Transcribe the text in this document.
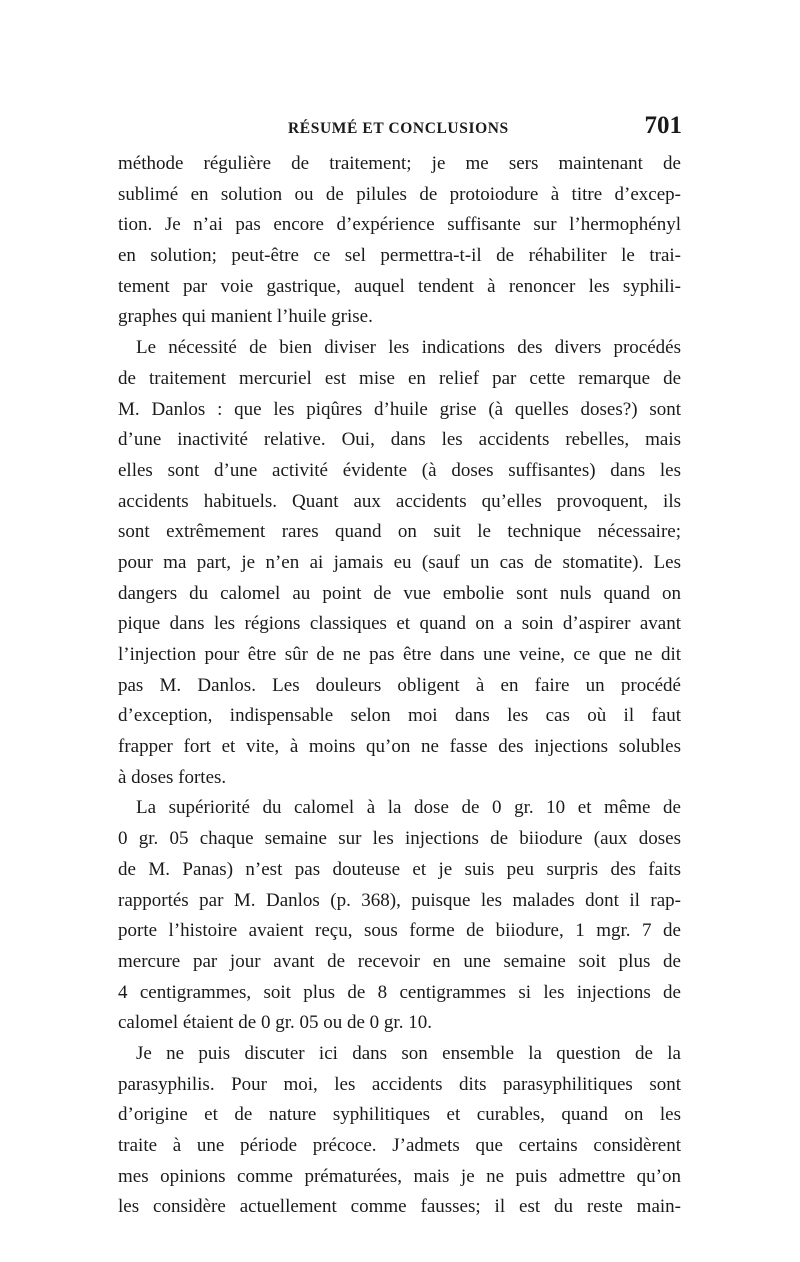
RÉSUMÉ ET CONCLUSIONS	701
méthode régulière de traitement; je me sers maintenant de
sublimé en solution ou de pilules de protoiodure à titre d’excep-
tion. Je n’ai pas encore d’expérience suffisante sur l’hermophényl
en solution; peut-être ce sel permettra-t-il de réhabiliter le trai-
tement par voie gastrique, auquel tendent à renoncer les syphili-
graphes qui manient l’huile grise.
Le nécessité de bien diviser les indications des divers procédés
de traitement mercuriel est mise en relief par cette remarque de
M. Danlos : que les piqûres d’huile grise (à quelles doses?) sont
d’une inactivité relative. Oui, dans les accidents rebelles, mais
elles sont d’une activité évidente (à doses suffisantes) dans les
accidents habituels. Quant aux accidents qu’elles provoquent, ils
sont extrêmement rares quand on suit le technique nécessaire;
pour ma part, je n’en ai jamais eu (sauf un cas de stomatite). Les
dangers du calomel au point de vue embolie sont nuls quand on
pique dans les régions classiques et quand on a soin d’aspirer avant
l’injection pour être sûr de ne pas être dans une veine, ce que ne dit
pas M. Danlos. Les douleurs obligent à en faire un procédé
d’exception, indispensable selon moi dans les cas où il faut
frapper fort et vite, à moins qu’on ne fasse des injections solubles
à doses fortes.
La supériorité du calomel à la dose de 0 gr. 10 et même de
0 gr. 05 chaque semaine sur les injections de biiodure (aux doses
de M. Panas) n’est pas douteuse et je suis peu surpris des faits
rapportés par M. Danlos (p. 368), puisque les malades dont il rap-
porte l’histoire avaient reçu, sous forme de biiodure, 1 mgr. 7 de
mercure par jour avant de recevoir en une semaine soit plus de
4 centigrammes, soit plus de 8 centigrammes si les injections de
calomel étaient de 0 gr. 05 ou de 0 gr. 10.
Je ne puis discuter ici dans son ensemble la question de la
parasyphilis. Pour moi, les accidents dits parasyphilitiques sont
d’origine et de nature syphilitiques et curables, quand on les
traite à une période précoce. J’admets que certains considèrent
mes opinions comme prématurées, mais je ne puis admettre qu’on
les considère actuellement comme fausses; il est du reste main-
